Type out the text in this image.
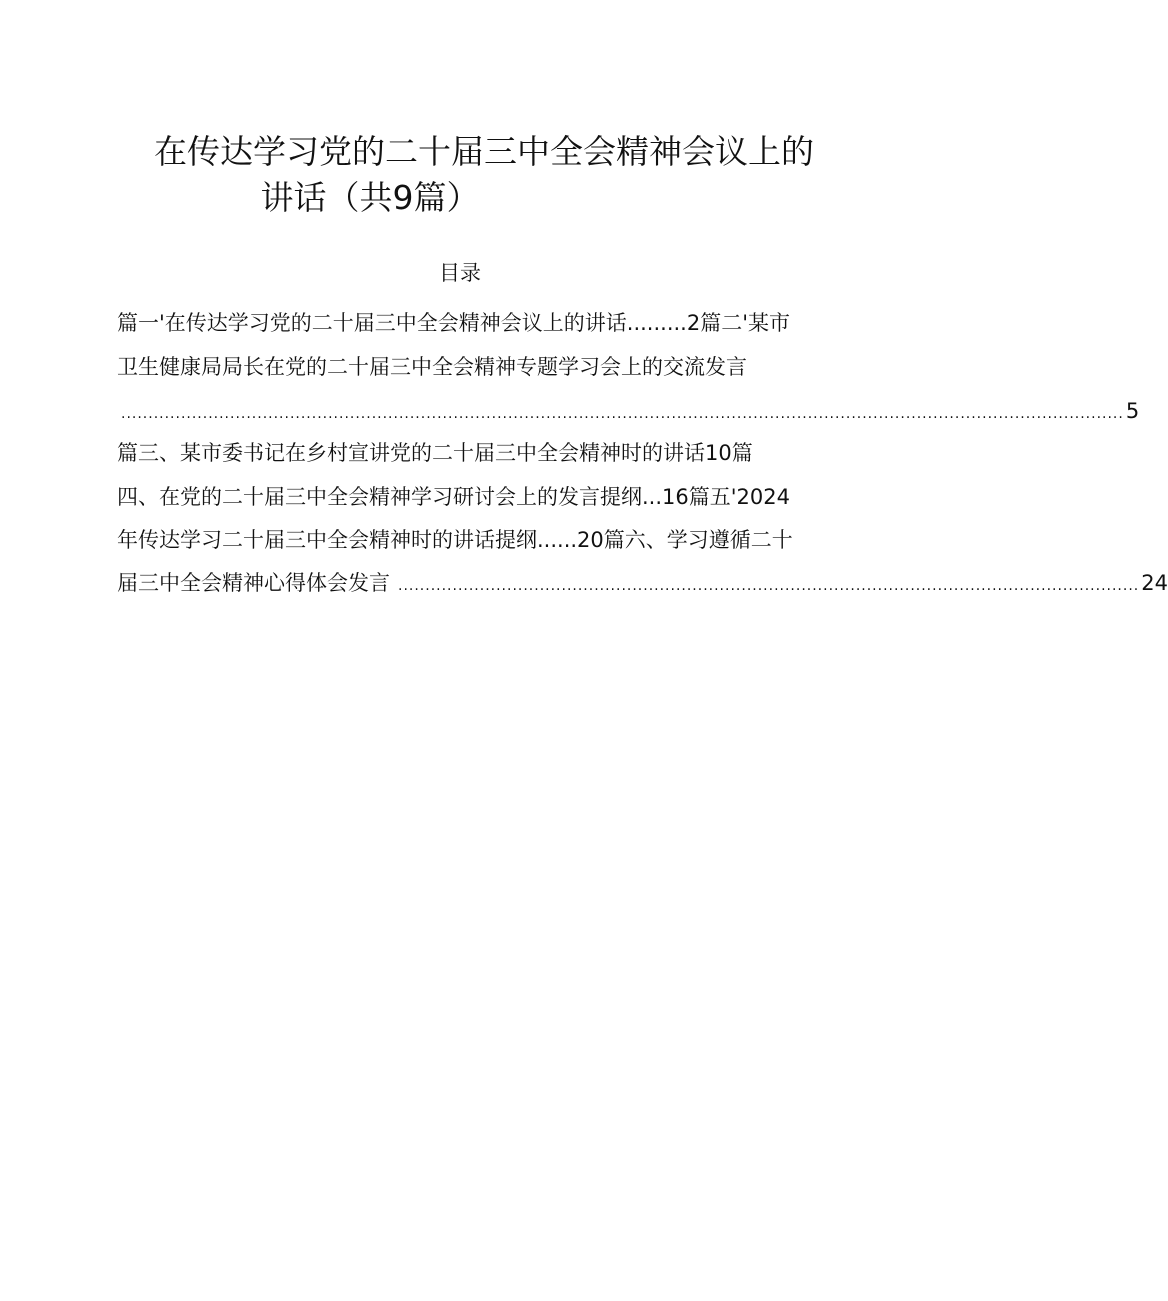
在传达学习党的二十届三中全会精神会议上的
讲话（共9篇）
目录
篇一'在传达学习党的二十届三中全会精神会议上的讲话.........2篇二'某市
卫生健康局局长在党的二十届三中全会精神专题学习会上的交流发言
........................................................................................................................................................................................ 5
篇三、某市委书记在乡村宣讲党的二十届三中全会精神时的讲话10篇
四、在党的二十届三中全会精神学习研讨会上的发言提纲...16篇五'2024
年传达学习二十届三中全会精神时的讲话提纲......20篇六、学习遵循二十
届三中全会精神心得体会发言 ........................................................................................................................................ 24
